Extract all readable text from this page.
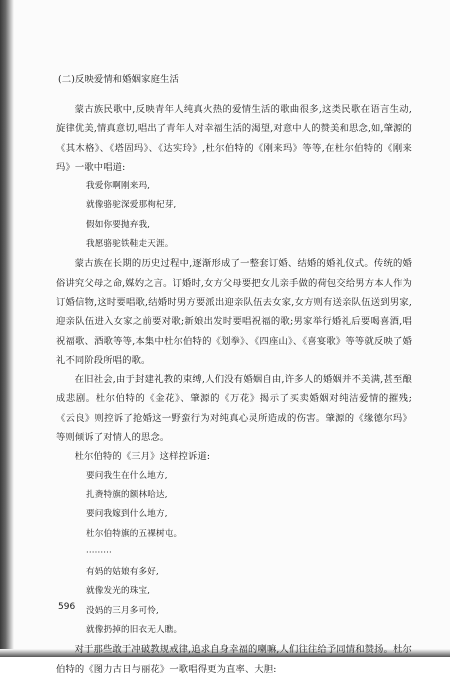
(二)反映爱情和婚姻家庭生活

蒙古族民歌中,反映青年人纯真火热的爱情生活的歌曲很多,这类民歌在语言生动,旋律优美,情真意切,唱出了青年人对幸福生活的渴望,对意中人的赞美和思念,如,肇源的《其木格》、《塔固玛》、《达实玲》,杜尔伯特的《刚来玛》等等,在杜尔伯特的《刚来玛》一歌中唱道:

我爱你啊刚来玛,
就像骆驼深爱那枸杞芽,
假如你要抛弃我,
我愿骆驼铁鞋走天涯。

蒙古族在长期的历史过程中,逐渐形成了一整套订婚、结婚的婚礼仪式。传统的婚俗讲究父母之命,媒妁之言。订婚时,女方父母要把女儿亲手做的荷包交给男方本人作为订婚信物,这时要唱歌,结婚时男方要派出迎亲队伍去女家,女方则有送亲队伍送到男家,迎亲队伍进入女家之前要对歌;新娘出发时要唱祝福的歌;男家举行婚礼后要喝喜酒,唱祝福歌、酒歌等等,本集中杜尔伯特的《划拳》、《四座山》、《喜宴歌》等等就反映了婚礼不同阶段所唱的歌。

在旧社会,由于封建礼教的束缚,人们没有婚姻自由,许多人的婚姻并不美满,甚至酿成悲剧。杜尔伯特的《金花》、肇源的《万花》揭示了买卖婚姻对纯洁爱情的摧残;《云良》则控诉了抢婚这一野蛮行为对纯真心灵所造成的伤害。肇源的《缘德尔玛》等则倾诉了对情人的思念。

杜尔伯特的《三月》这样控诉道:

要问我生在什么地方,
扎赉特旗的额林哈达,
要问我嫁到什么地方,
杜尔伯特旗的五裸树屯。
·········
有妈的姑娘有多好,
就像发光的珠宝,
没妈的三月多可怜,
就像扔掉的旧衣无人瞧。

对于那些敢于冲破教规戒律,追求自身幸福的喇嘛,人们往往给予同情和赞扬。杜尔伯特的《图力古日与丽花》一歌唱得更为直率、大胆:

596
